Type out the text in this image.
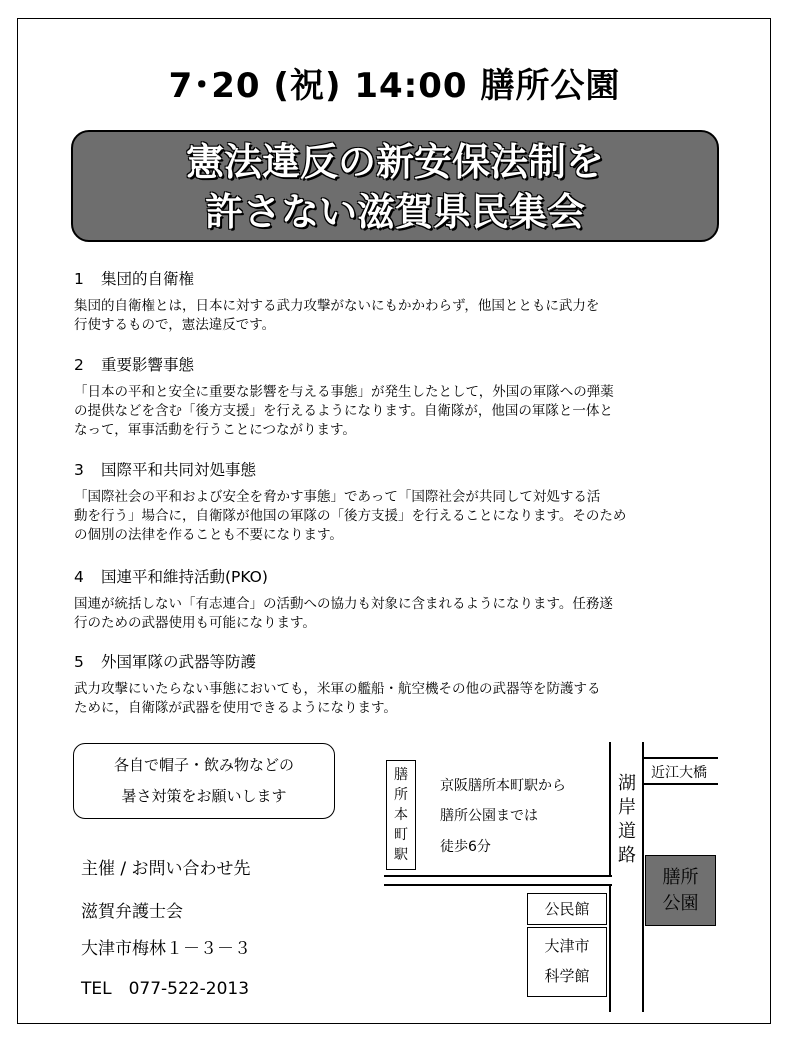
7･20 (祝) 14:00 膳所公園
憲法違反の新安保法制を
許さない滋賀県民集会
1 集団的自衛権

集団的自衛権とは，日本に対する武力攻撃がないにもかかわらず，他国とともに武力を
行使するもので，憲法違反です。

2 重要影響事態

「日本の平和と安全に重要な影響を与える事態」が発生したとして，外国の軍隊への弾薬
の提供などを含む「後方支援」を行えるようになります。自衛隊が，他国の軍隊と一体と
なって，軍事活動を行うことにつながります。

3 国際平和共同対処事態

「国際社会の平和および安全を脅かす事態」であって「国際社会が共同して対処する活
動を行う」場合に，自衛隊が他国の軍隊の「後方支援」を行えることになります。そのため
の個別の法律を作ることも不要になります。

4 国連平和維持活動(PKO)

国連が統括しない「有志連合」の活動への協力も対象に含まれるようになります。任務遂
行のための武器使用も可能になります。

5 外国軍隊の武器等防護

武力攻撃にいたらない事態においても，米軍の艦船・航空機その他の武器等を防護する
ために，自衛隊が武器を使用できるようになります。

各自で帽子・飲み物などの
暑さ対策をお願いします
主催 / お問い合わせ先
滋賀弁護士会
大津市梅林１－３－３
TEL　077-522-2013
膳
所
本
町
駅
京阪膳所本町駅から
膳所公園までは
徒歩6分
湖
岸
道
路
近江大橋
膳所
公園
公民館
大津市
科学館
